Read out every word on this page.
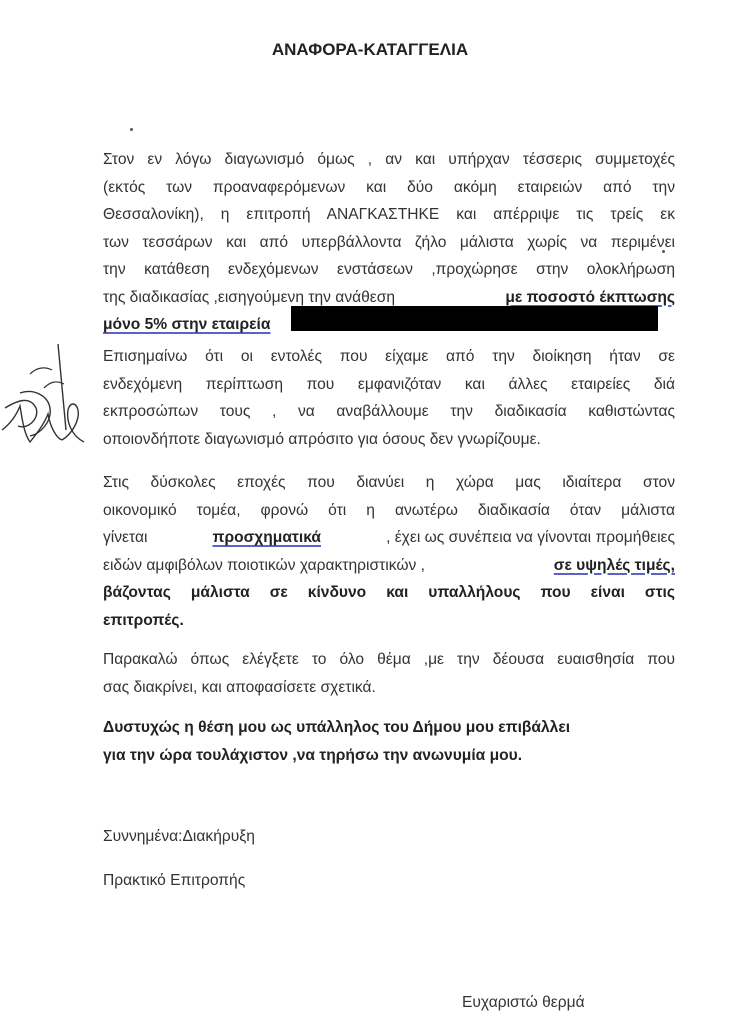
ΑΝΑΦΟΡΑ-ΚΑΤΑΓΓΕΛΙΑ
Στον εν λόγω διαγωνισμό όμως , αν και υπήρχαν τέσσερις συμμετοχές
(εκτός των προαναφερόμενων και δύο ακόμη εταιρειών από την
Θεσσαλονίκη), η επιτροπή ΑΝΑΓΚΑΣΤΗΚΕ και απέρριψε τις τρείς εκ
των τεσσάρων και από υπερβάλλοντα ζήλο μάλιστα χωρίς να περιμένει
την κατάθεση ενδεχόμενων ενστάσεων ,προχώρησε στην ολοκλήρωση
της διαδικασίας ,εισηγούμενη την ανάθεση	με ποσοστό έκπτωσης
μόνο 5% στην εταιρεία
Επισημαίνω ότι οι εντολές που είχαμε από την διοίκηση ήταν σε
ενδεχόμενη περίπτωση που εμφανιζόταν και άλλες εταιρείες διά
εκπροσώπων τους , να αναβάλλουμε την διαδικασία καθιστώντας
οποιονδήποτε διαγωνισμό απρόσιτο για όσους δεν γνωρίζουμε.
Στις δύσκολες εποχές που διανύει η χώρα μας ιδιαίτερα στον
οικονομικό τομέα, φρονώ ότι η ανωτέρω διαδικασία όταν μάλιστα
γίνεται	προσχηματικά	, έχει ως συνέπεια να γίνονται προμήθειες
ειδών αμφιβόλων ποιοτικών χαρακτηριστικών ,	σε υψηλές τιμές,
βάζοντας μάλιστα σε κίνδυνο και υπαλλήλους που είναι στις
επιτροπές.
Παρακαλώ όπως ελέγξετε το όλο θέμα ,με την δέουσα ευαισθησία που
σας διακρίνει, και αποφασίσετε σχετικά.
Δυστυχώς η θέση μου ως υπάλληλος του Δήμου μου επιβάλλει
για την ώρα τουλάχιστον ,να τηρήσω την ανωνυμία μου.
Συννημένα:Διακήρυξη
Πρακτικό Επιτροπής
Ευχαριστώ θερμά
